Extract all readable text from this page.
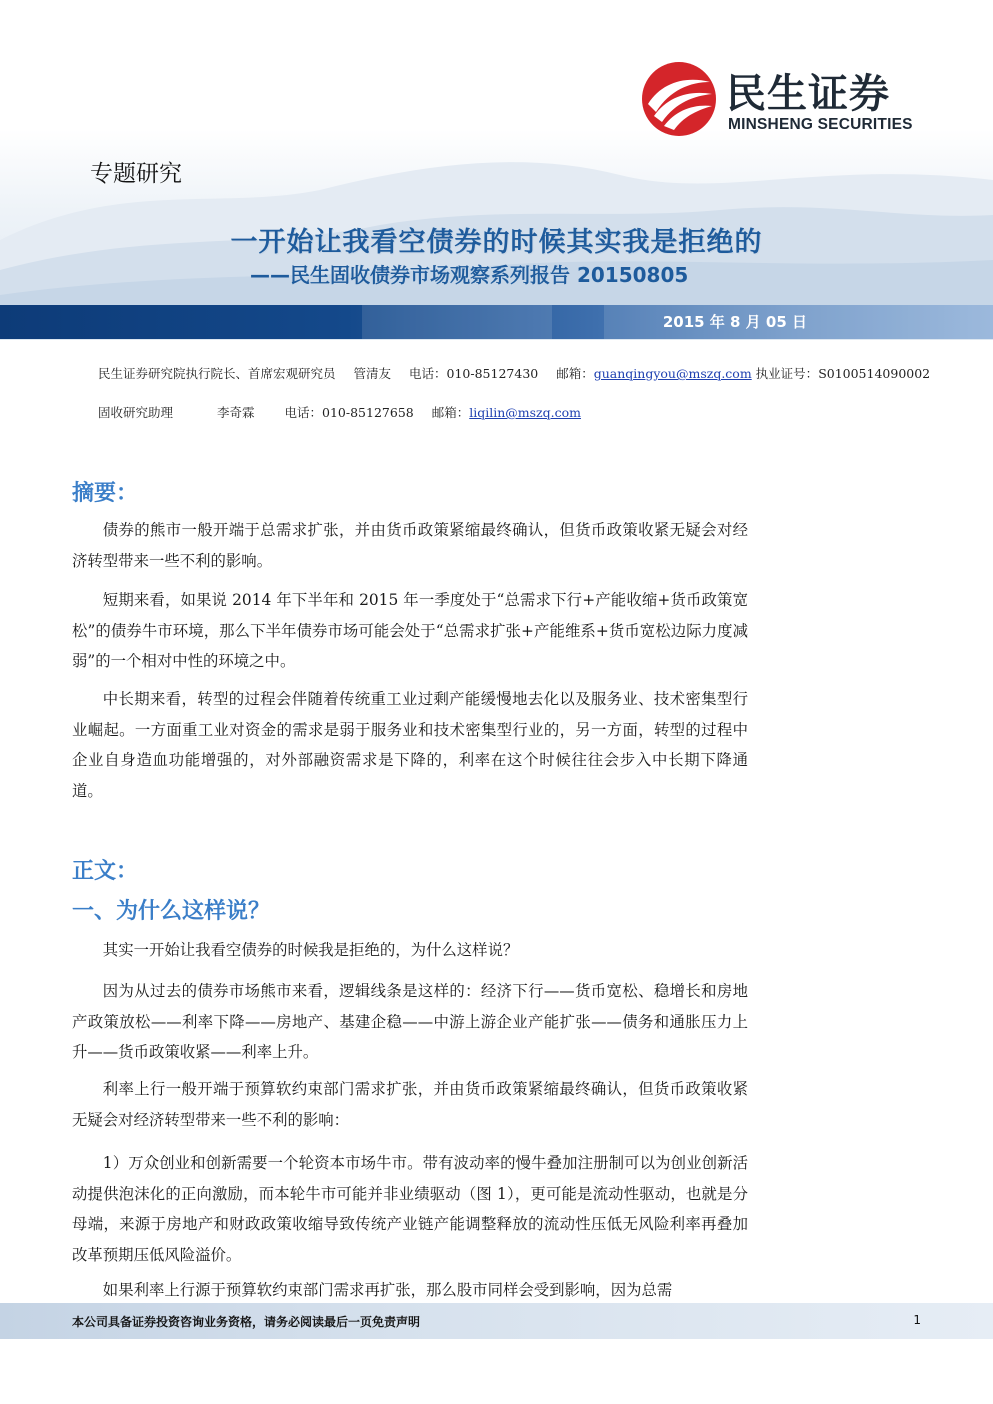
民生证券
MINSHENG SECURITIES
专题研究
一开始让我看空债券的时候其实我是拒绝的
——民生固收债券市场观察系列报告 20150805
2015 年 8 月 05 日
民生证券研究院执行院长、首席宏观研究员 管清友 电话：010-85127430 邮箱：guanqingyou@mszq.com 执业证号：S0100514090002
固收研究助理	李奇霖 电话：010-85127658 邮箱：liqilin@mszq.com
摘要：
债券的熊市一般开端于总需求扩张，并由货币政策紧缩最终确认，但货币政策收紧无疑会对经济转型带来一些不利的影响。
短期来看，如果说 2014 年下半年和 2015 年一季度处于“总需求下行+产能收缩+货币政策宽松”的债券牛市环境，那么下半年债券市场可能会处于“总需求扩张+产能维系+货币宽松边际力度减弱”的一个相对中性的环境之中。
中长期来看，转型的过程会伴随着传统重工业过剩产能缓慢地去化以及服务业、技术密集型行业崛起。一方面重工业对资金的需求是弱于服务业和技术密集型行业的，另一方面，转型的过程中企业自身造血功能增强的，对外部融资需求是下降的，利率在这个时候往往会步入中长期下降通道。
正文：
一、为什么这样说？
其实一开始让我看空债券的时候我是拒绝的，为什么这样说？
因为从过去的债券市场熊市来看，逻辑线条是这样的：经济下行——货币宽松、稳增长和房地产政策放松——利率下降——房地产、基建企稳——中游上游企业产能扩张——债务和通胀压力上升——货币政策收紧——利率上升。
利率上行一般开端于预算软约束部门需求扩张，并由货币政策紧缩最终确认，但货币政策收紧无疑会对经济转型带来一些不利的影响：
1）万众创业和创新需要一个轮资本市场牛市。带有波动率的慢牛叠加注册制可以为创业创新活动提供泡沫化的正向激励，而本轮牛市可能并非业绩驱动（图 1），更可能是流动性驱动，也就是分母端，来源于房地产和财政政策收缩导致传统产业链产能调整释放的流动性压低无风险利率再叠加改革预期压低风险溢价。
如果利率上行源于预算软约束部门需求再扩张，那么股市同样会受到影响，因为总需
本公司具备证券投资咨询业务资格，请务必阅读最后一页免责声明	1
